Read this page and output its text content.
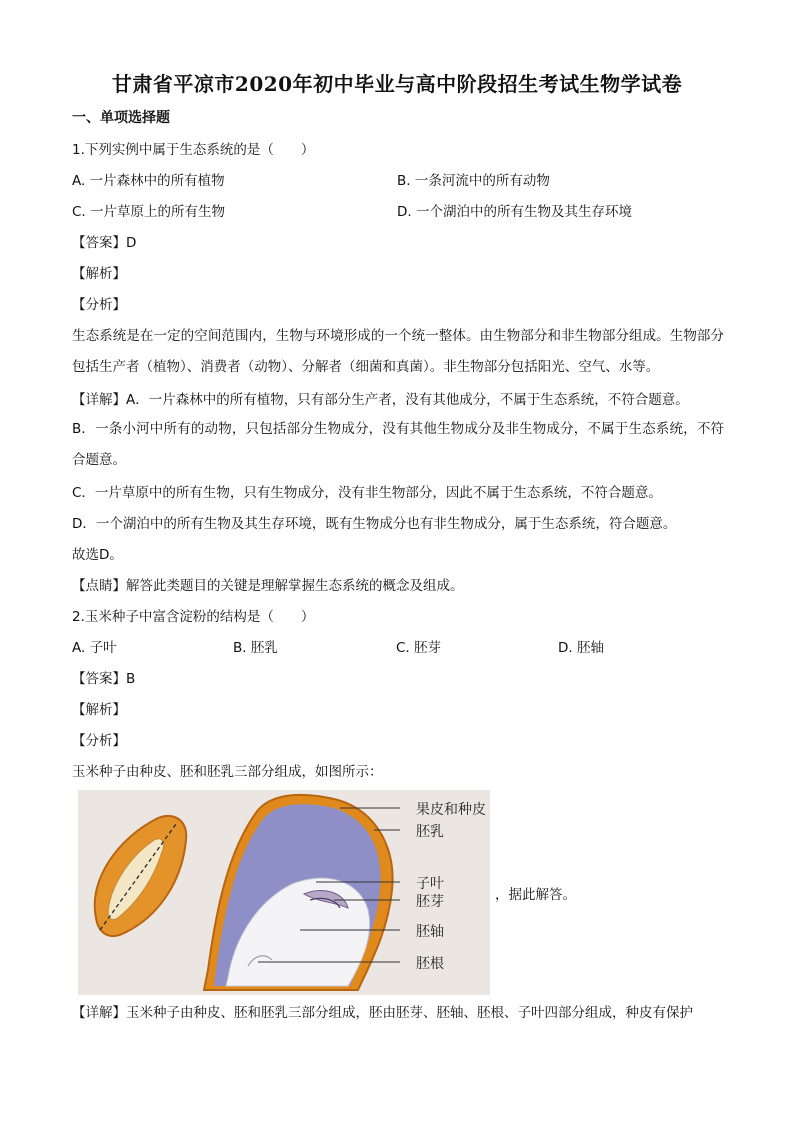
甘肃省平凉市2020年初中毕业与高中阶段招生考试生物学试卷
一、单项选择题
1.下列实例中属于生态系统的是（　　）
A. 一片森林中的所有植物	B. 一条河流中的所有动物
C. 一片草原上的所有生物	D. 一个湖泊中的所有生物及其生存环境
【答案】D
【解析】
【分析】
生态系统是在一定的空间范围内，生物与环境形成的一个统一整体。由生物部分和非生物部分组成。生物部分包括生产者（植物）、消费者（动物）、分解者（细菌和真菌）。非生物部分包括阳光、空气、水等。
【详解】A．一片森林中的所有植物，只有部分生产者，没有其他成分，不属于生态系统，不符合题意。
B．一条小河中所有的动物，只包括部分生物成分，没有其他生物成分及非生物成分，不属于生态系统，不符合题意。
C．一片草原中的所有生物，只有生物成分，没有非生物部分，因此不属于生态系统，不符合题意。
D．一个湖泊中的所有生物及其生存环境，既有生物成分也有非生物成分，属于生态系统，符合题意。
故选D。
【点睛】解答此类题目的关键是理解掌握生态系统的概念及组成。
2.玉米种子中富含淀粉的结构是（　　）
A. 子叶	B. 胚乳	C. 胚芽	D. 胚轴
【答案】B
【解析】
【分析】
玉米种子由种皮、胚和胚乳三部分组成，如图所示：
果皮和种皮
胚乳
子叶
胚芽
胚轴
胚根
，据此解答。
【详解】玉米种子由种皮、胚和胚乳三部分组成，胚由胚芽、胚轴、胚根、子叶四部分组成，种皮有保护
